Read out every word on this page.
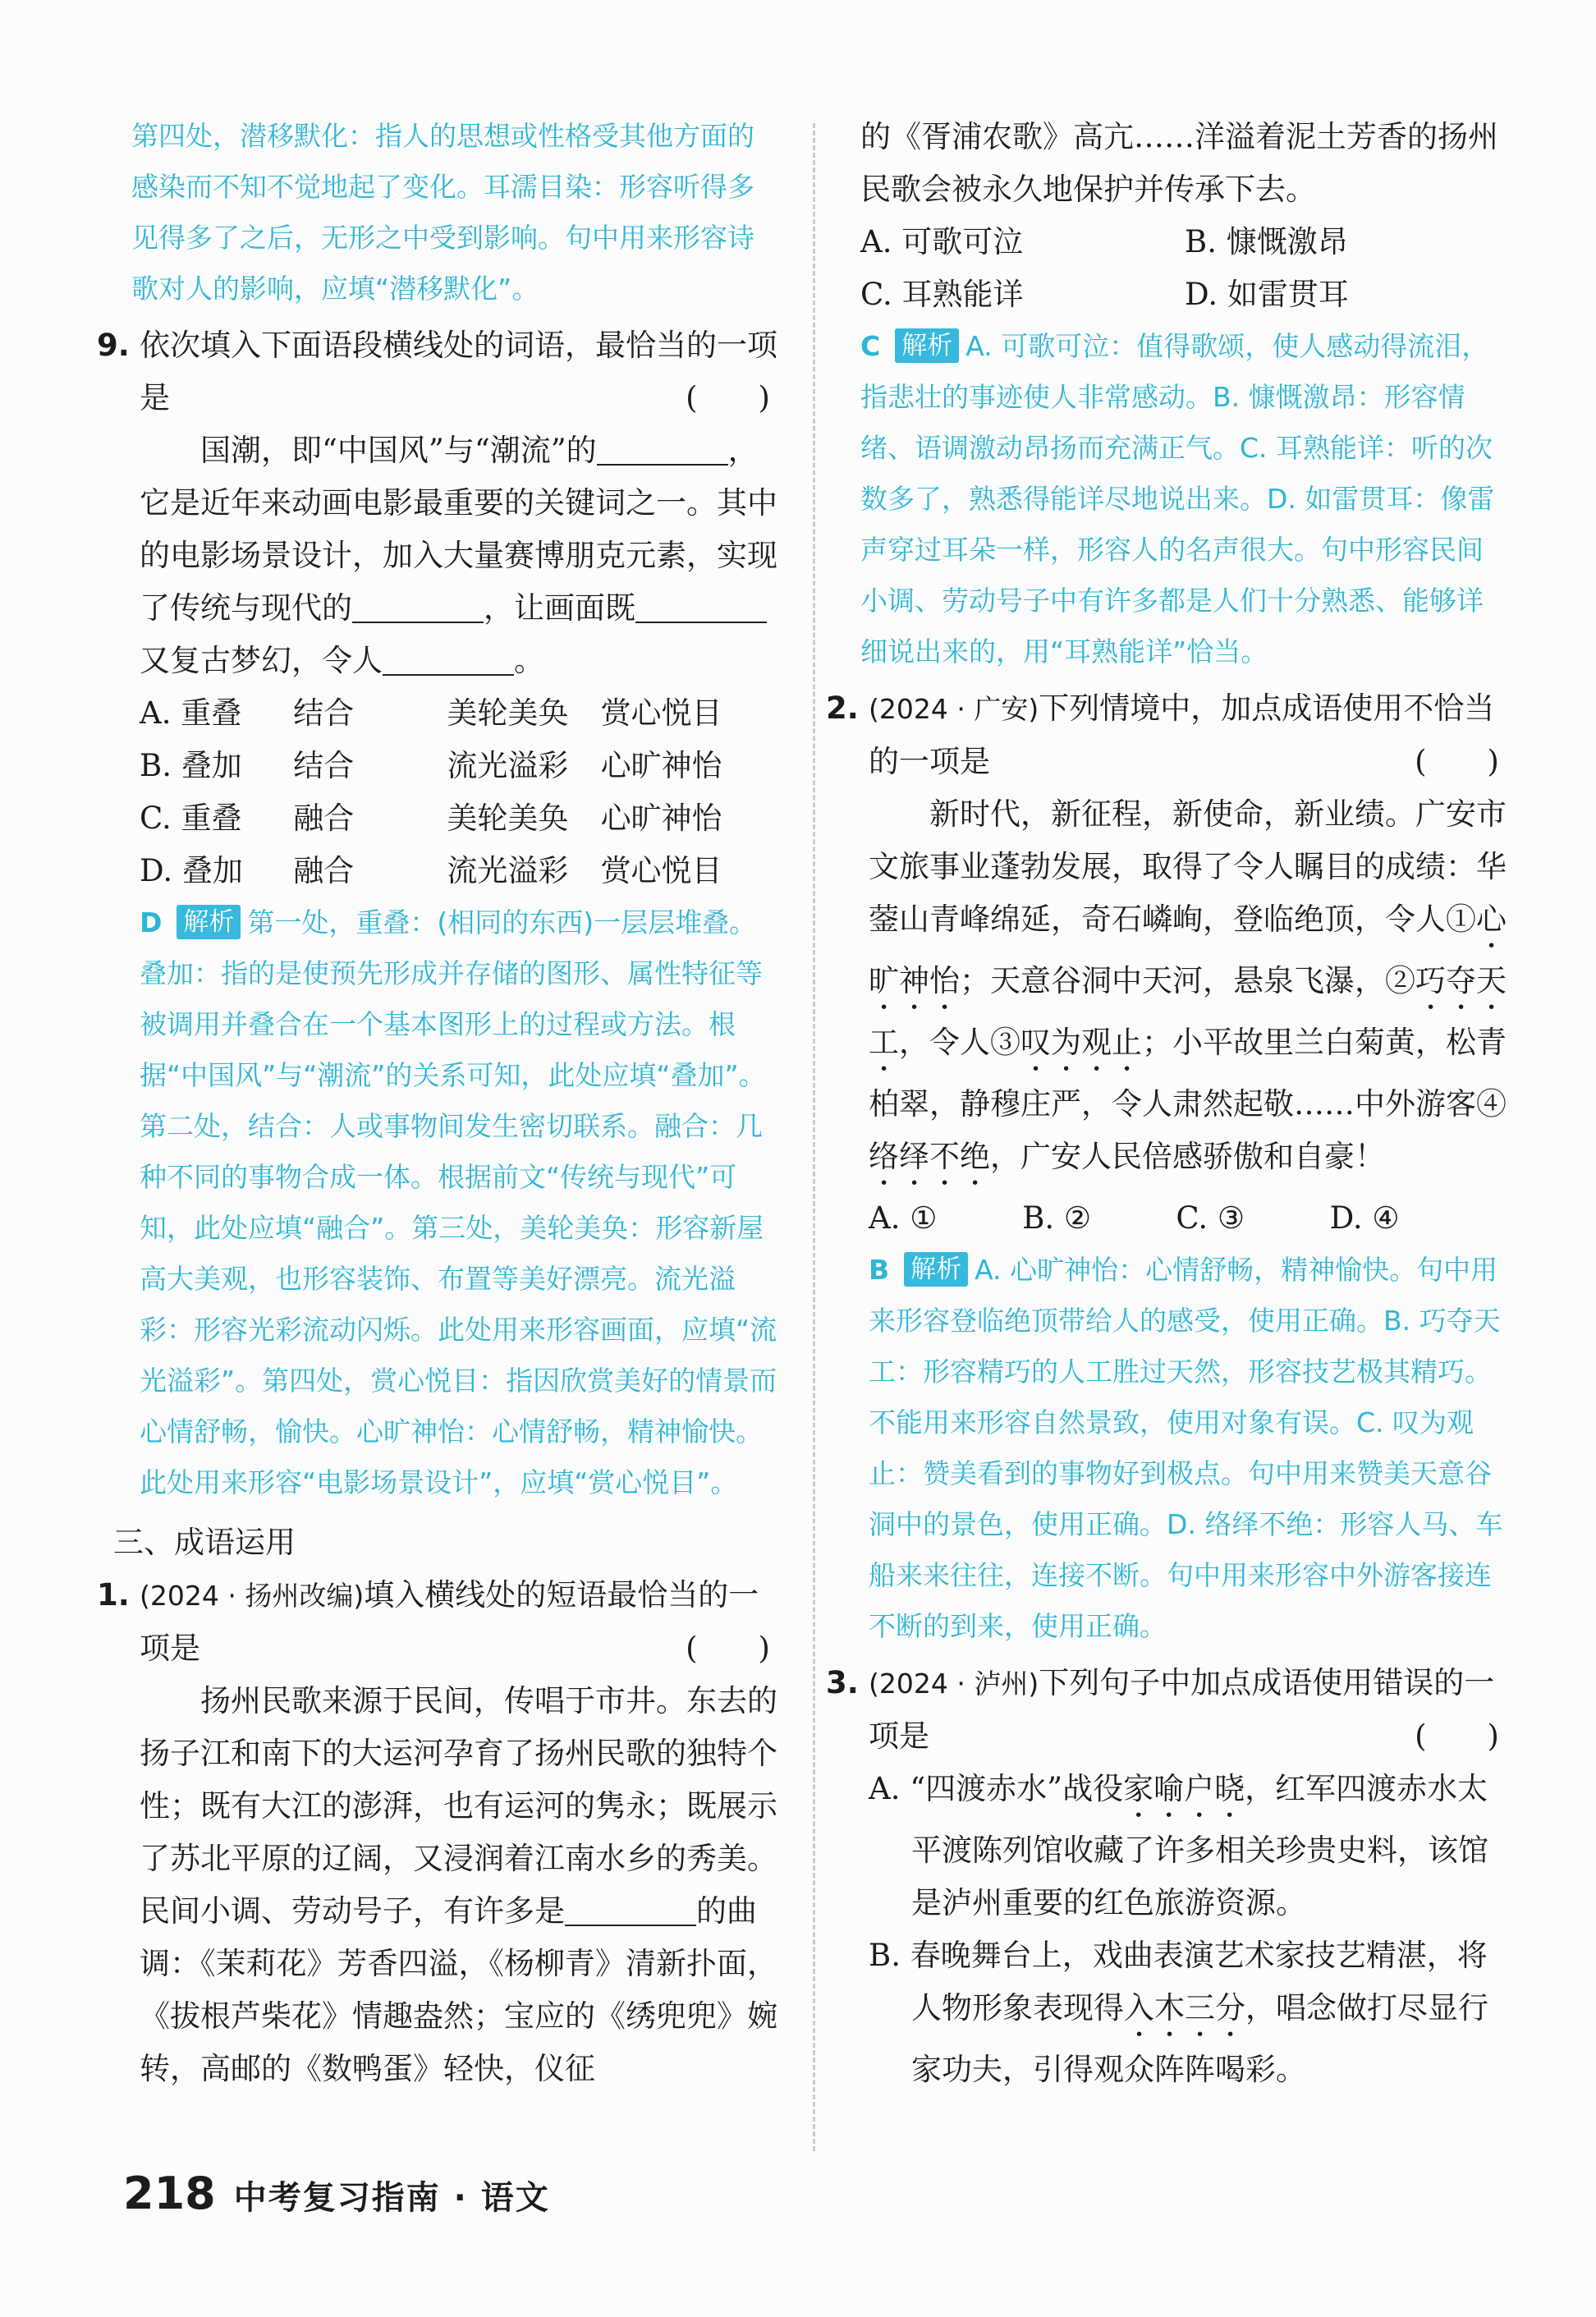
第四处，潜移默化：指人的思想或性格受其他方面的感染而不知不觉地起了变化。耳濡目染：形容听得多见得多了之后，无形之中受到影响。句中用来形容诗歌对人的影响，应填“潜移默化”。

9. 依次填入下面语段横线处的词语，最恰当的一项是	(　　)

国潮，即“中国风”与“潮流”的	，它是近年来动画电影最重要的关键词之一。其中的电影场景设计，加入大量赛博朋克元素，实现了传统与现代的	，让画面既又复古梦幻，令人	。

A. 重叠	结合	美轮美奂	赏心悦目
B. 叠加	结合	流光溢彩	心旷神怡
C. 重叠	融合	美轮美奂	心旷神怡
D. 叠加	融合	流光溢彩	赏心悦目

D 解析 第一处，重叠：(相同的东西)一层层堆叠。叠加：指的是使预先形成并存储的图形、属性特征等被调用并叠合在一个基本图形上的过程或方法。根据“中国风”与“潮流”的关系可知，此处应填“叠加”。第二处，结合：人或事物间发生密切联系。融合：几种不同的事物合成一体。根据前文“传统与现代”可知，此处应填“融合”。第三处，美轮美奂：形容新屋高大美观，也形容装饰、布置等美好漂亮。流光溢彩：形容光彩流动闪烁。此处用来形容画面，应填“流光溢彩”。第四处，赏心悦目：指因欣赏美好的情景而心情舒畅，愉快。心旷神怡：心情舒畅，精神愉快。此处用来形容“电影场景设计”，应填“赏心悦目”。

三、成语运用

1. (2024 · 扬州改编)填入横线处的短语最恰当的一项是	(　　)

扬州民歌来源于民间，传唱于市井。东去的扬子江和南下的大运河孕育了扬州民歌的独特个性；既有大江的澎湃，也有运河的隽永；既展示了苏北平原的辽阔，又浸润着江南水乡的秀美。民间小调、劳动号子，有许多是	的曲调：《茉莉花》芳香四溢，《杨柳青》清新扑面，《拔根芦柴花》情趣盎然；宝应的《绣兜兜》婉转，高邮的《数鸭蛋》轻快，仪征

的《胥浦农歌》高亢……洋溢着泥土芳香的扬州民歌会被永久地保护并传承下去。

A. 可歌可泣	B. 慷慨激昂
C. 耳熟能详	D. 如雷贯耳

C 解析 A. 可歌可泣：值得歌颂，使人感动得流泪，指悲壮的事迹使人非常感动。B. 慷慨激昂：形容情绪、语调激动昂扬而充满正气。C. 耳熟能详：听的次数多了，熟悉得能详尽地说出来。D. 如雷贯耳：像雷声穿过耳朵一样，形容人的名声很大。句中形容民间小调、劳动号子中有许多都是人们十分熟悉、能够详细说出来的，用“耳熟能详”恰当。

2. (2024 · 广安)下列情境中，加点成语使用不恰当的一项是	(　　)

新时代，新征程，新使命，新业绩。广安市文旅事业蓬勃发展，取得了令人瞩目的成绩：华蓥山青峰绵延，奇石嶙峋，登临绝顶，令人①心旷神怡；天意谷洞中天河，悬泉飞瀑，②巧夺天工，令人③叹为观止；小平故里兰白菊黄，松青柏翠，静穆庄严，令人肃然起敬……中外游客④络绎不绝，广安人民倍感骄傲和自豪！

A. ①	B. ②	C. ③	D. ④

B 解析 A. 心旷神怡：心情舒畅，精神愉快。句中用来形容登临绝顶带给人的感受，使用正确。B. 巧夺天工：形容精巧的人工胜过天然，形容技艺极其精巧。不能用来形容自然景致，使用对象有误。C. 叹为观止：赞美看到的事物好到极点。句中用来赞美天意谷洞中的景色，使用正确。D. 络绎不绝：形容人马、车船来来往往，连接不断。句中用来形容中外游客接连不断的到来，使用正确。

3. (2024 · 泸州)下列句子中加点成语使用错误的一项是	(　　)

A. “四渡赤水”战役家喻户晓，红军四渡赤水太平渡陈列馆收藏了许多相关珍贵史料，该馆是泸州重要的红色旅游资源。

B. 春晚舞台上，戏曲表演艺术家技艺精湛，将人物形象表现得入木三分，唱念做打尽显行家功夫，引得观众阵阵喝彩。

218 中考复习指南 · 语文
